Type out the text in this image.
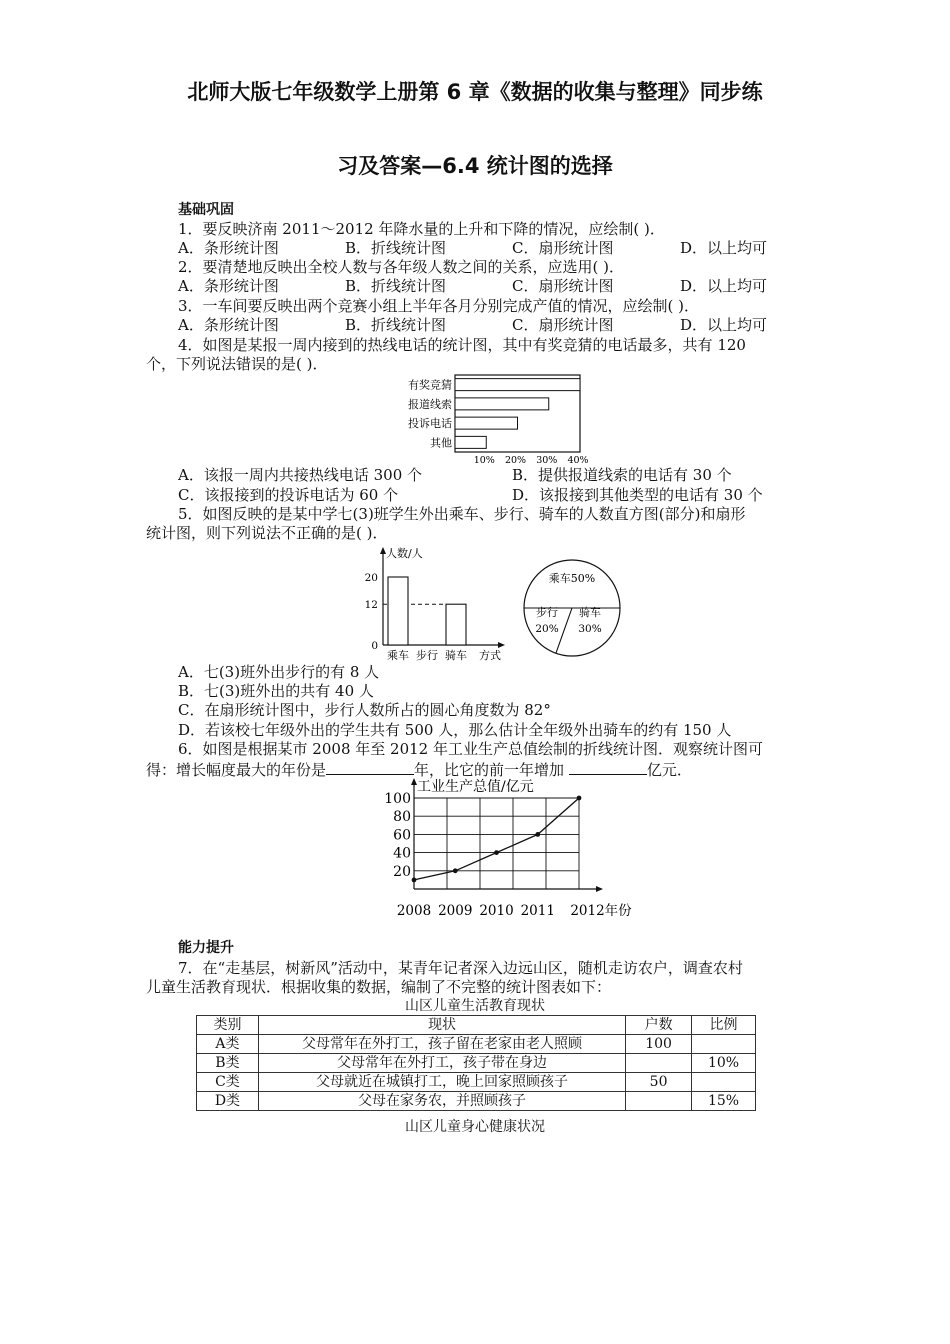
北师大版七年级数学上册第 6 章《数据的收集与整理》同步练
习及答案—6.4 统计图的选择
基础巩固
1．要反映济南 2011～2012 年降水量的上升和下降的情况，应绘制( )．
A．条形统计图	B．折线统计图	C．扇形统计图	D．以上均可
2．要清楚地反映出全校人数与各年级人数之间的关系，应选用( )．
A．条形统计图	B．折线统计图	C．扇形统计图	D．以上均可
3．一车间要反映出两个竞赛小组上半年各月分别完成产值的情况，应绘制( )．
A．条形统计图	B．折线统计图	C．扇形统计图	D．以上均可
4．如图是某报一周内接到的热线电话的统计图，其中有奖竞猜的电话最多，共有 120
个，下列说法错误的是( )．
有奖竞猜
报道线索
投诉电话
其他
10% 20% 30% 40%
A．该报一周内共接热线电话 300 个	B．提供报道线索的电话有 30 个
C．该报接到的投诉电话为 60 个	D．该报接到其他类型的电话有 30 个
5．如图反映的是某中学七(3)班学生外出乘车、步行、骑车的人数直方图(部分)和扇形
统计图，则下列说法不正确的是( )．
人数/人
20
12
0
乘车 步行 骑车 方式
乘车50%
步行
20%
骑车
30%
A．七(3)班外出步行的有 8 人
B．七(3)班外出的共有 40 人
C．在扇形统计图中，步行人数所占的圆心角度数为 82°
D．若该校七年级外出的学生共有 500 人，那么估计全年级外出骑车的约有 150 人
6．如图是根据某市 2008 年至 2012 年工业生产总值绘制的折线统计图．观察统计图可
得：增长幅度最大的年份是	年，比它的前一年增加	亿元．
工业生产总值/亿元
100
80
60
40
20
2008 2009 2010 2011 2012年份
能力提升
7．在“走基层，树新风”活动中，某青年记者深入边远山区，随机走访农户，调查农村
儿童生活教育现状．根据收集的数据，编制了不完整的统计图表如下：
山区儿童生活教育现状
类别	现状	户数	比例
A类	父母常年在外打工，孩子留在老家由老人照顾	100	
B类	父母常年在外打工，孩子带在身边		10%
C类	父母就近在城镇打工，晚上回家照顾孩子	50	
D类	父母在家务农，并照顾孩子		15%
山区儿童身心健康状况
